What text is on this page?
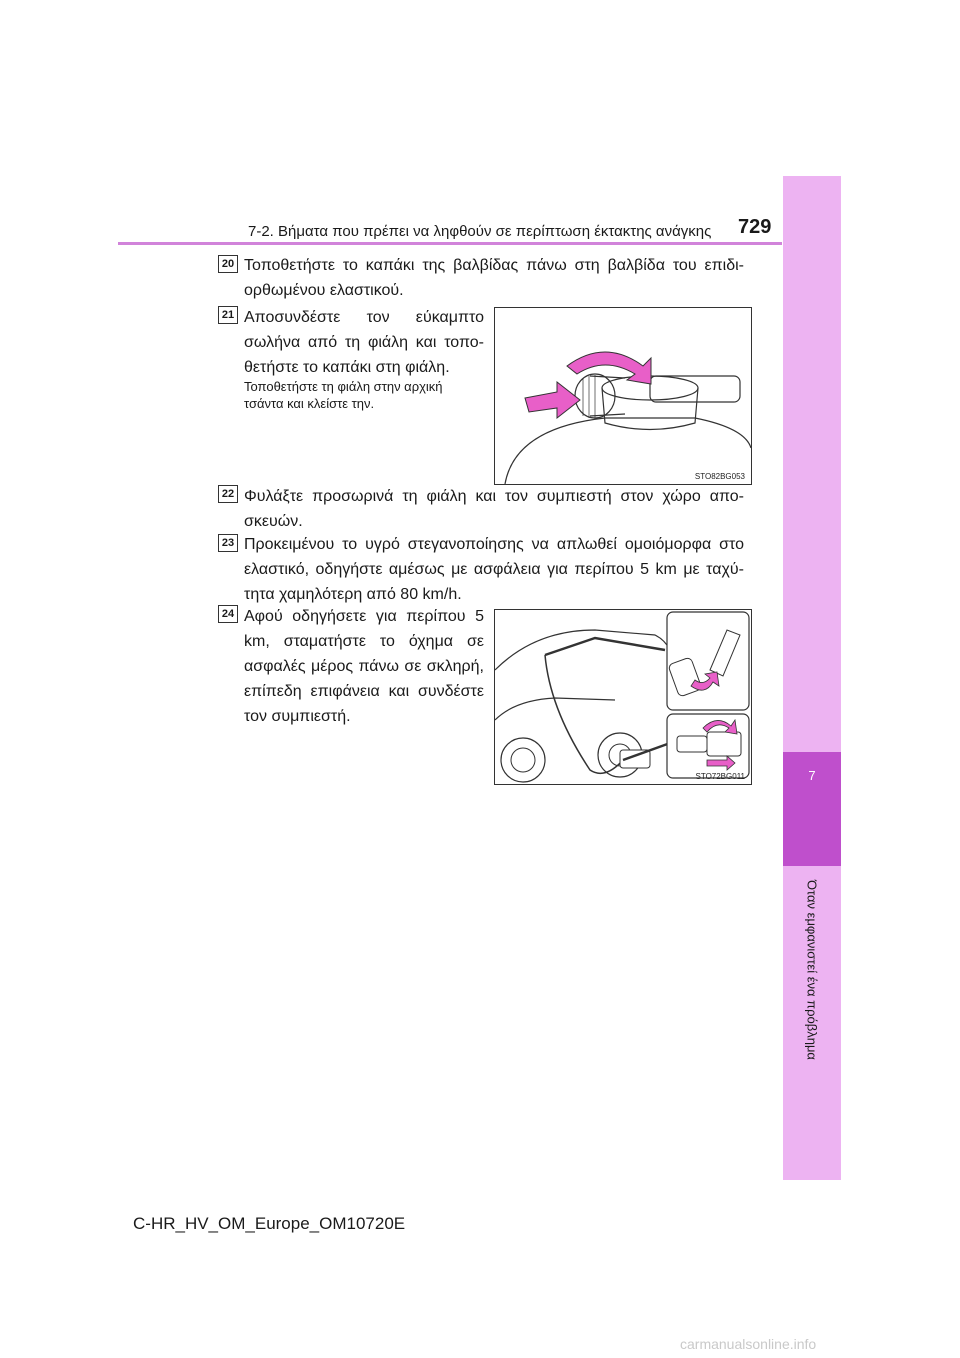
7
Όταν εμφανιστεί ένα πρόβλημα
7-2. Βήματα που πρέπει να ληφθούν σε περίπτωση έκτακτης ανάγκης 729
20 Τοποθετήστε το καπάκι της βαλβίδας πάνω στη βαλβίδα του επιδι-ορθωμένου ελαστικού.
21 Αποσυνδέστε τον εύκαμπτο σωλήνα από τη φιάλη και τοπο-θετήστε το καπάκι στη φιάλη.
Τοποθετήστε τη φιάλη στην αρχική τσάντα και κλείστε την.
STO82BG053
22 Φυλάξτε προσωρινά τη φιάλη και τον συμπιεστή στον χώρο απο-σκευών.
23 Προκειμένου το υγρό στεγανοποίησης να απλωθεί ομοιόμορφα στο ελαστικό, οδηγήστε αμέσως με ασφάλεια για περίπου 5 km με ταχύ-τητα χαμηλότερη από 80 km/h.
24 Αφού οδηγήσετε για περίπου 5 km, σταματήστε το όχημα σε ασφαλές μέρος πάνω σε σκληρή, επίπεδη επιφάνεια και συνδέστε τον συμπιεστή.
STO72BG011
C-HR_HV_OM_Europe_OM10720E
carmanualsonline.info
